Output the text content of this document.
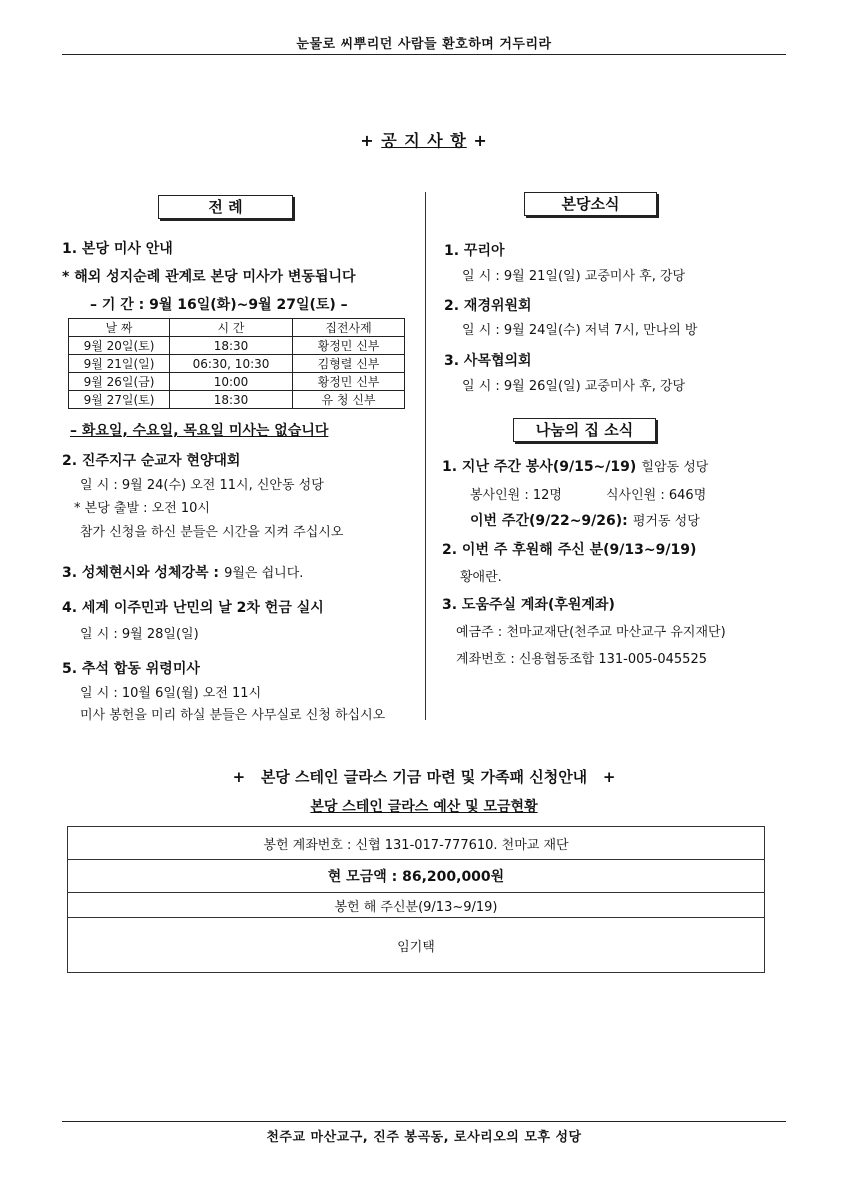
눈물로 씨뿌리던 사람들 환호하며 거두리라
+ 공 지 사 항 +
전 례
1. 본당 미사 안내
* 해외 성지순례 관계로 본당 미사가 변동됩니다
– 기 간 : 9월 16일(화)~9월 27일(토) –
날 짜	시 간	집전사제
9월 20일(토)	18:30	황정민 신부
9월 21일(일)	06:30, 10:30	김형렬 신부
9월 26일(금)	10:00	황정민 신부
9월 27일(토)	18:30	유 청 신부
– 화요일, 수요일, 목요일 미사는 없습니다
2. 진주지구 순교자 현양대회
일 시 : 9월 24(수) 오전 11시, 신안동 성당
* 본당 출발 : 오전 10시
참가 신청을 하신 분들은 시간을 지켜 주십시오
3. 성체현시와 성체강복 : 9월은 쉽니다.
4. 세계 이주민과 난민의 날 2차 헌금 실시
일 시 : 9월 28일(일)
5. 추석 합동 위령미사
일 시 : 10월 6일(월) 오전 11시
미사 봉헌을 미리 하실 분들은 사무실로 신청 하십시오
본당소식
1. 꾸리아
일 시 : 9월 21일(일) 교중미사 후, 강당
2. 재경위원회
일 시 : 9월 24일(수) 저녁 7시, 만나의 방
3. 사목협의회
일 시 : 9월 26일(일) 교중미사 후, 강당
나눔의 집 소식
1. 지난 주간 봉사(9/15~/19) 힐암동 성당
봉사인원 : 12명	식사인원 : 646명
이번 주간(9/22~9/26): 평거동 성당
2. 이번 주 후원해 주신 분(9/13~9/19)
황애란.
3. 도움주실 계좌(후원계좌)
예금주 : 천마교재단(천주교 마산교구 유지재단)
계좌번호 : 신용협동조합 131-005-045525
+   본당 스테인 글라스 기금 마련 및 가족패 신청안내   +
본당 스테인 글라스 예산 및 모금현황
봉헌 계좌번호 : 신협 131-017-777610. 천마교 재단
현 모금액 : 86,200,000원
봉헌 해 주신분(9/13~9/19)
임기택
천주교 마산교구, 진주 봉곡동, 로사리오의 모후 성당
